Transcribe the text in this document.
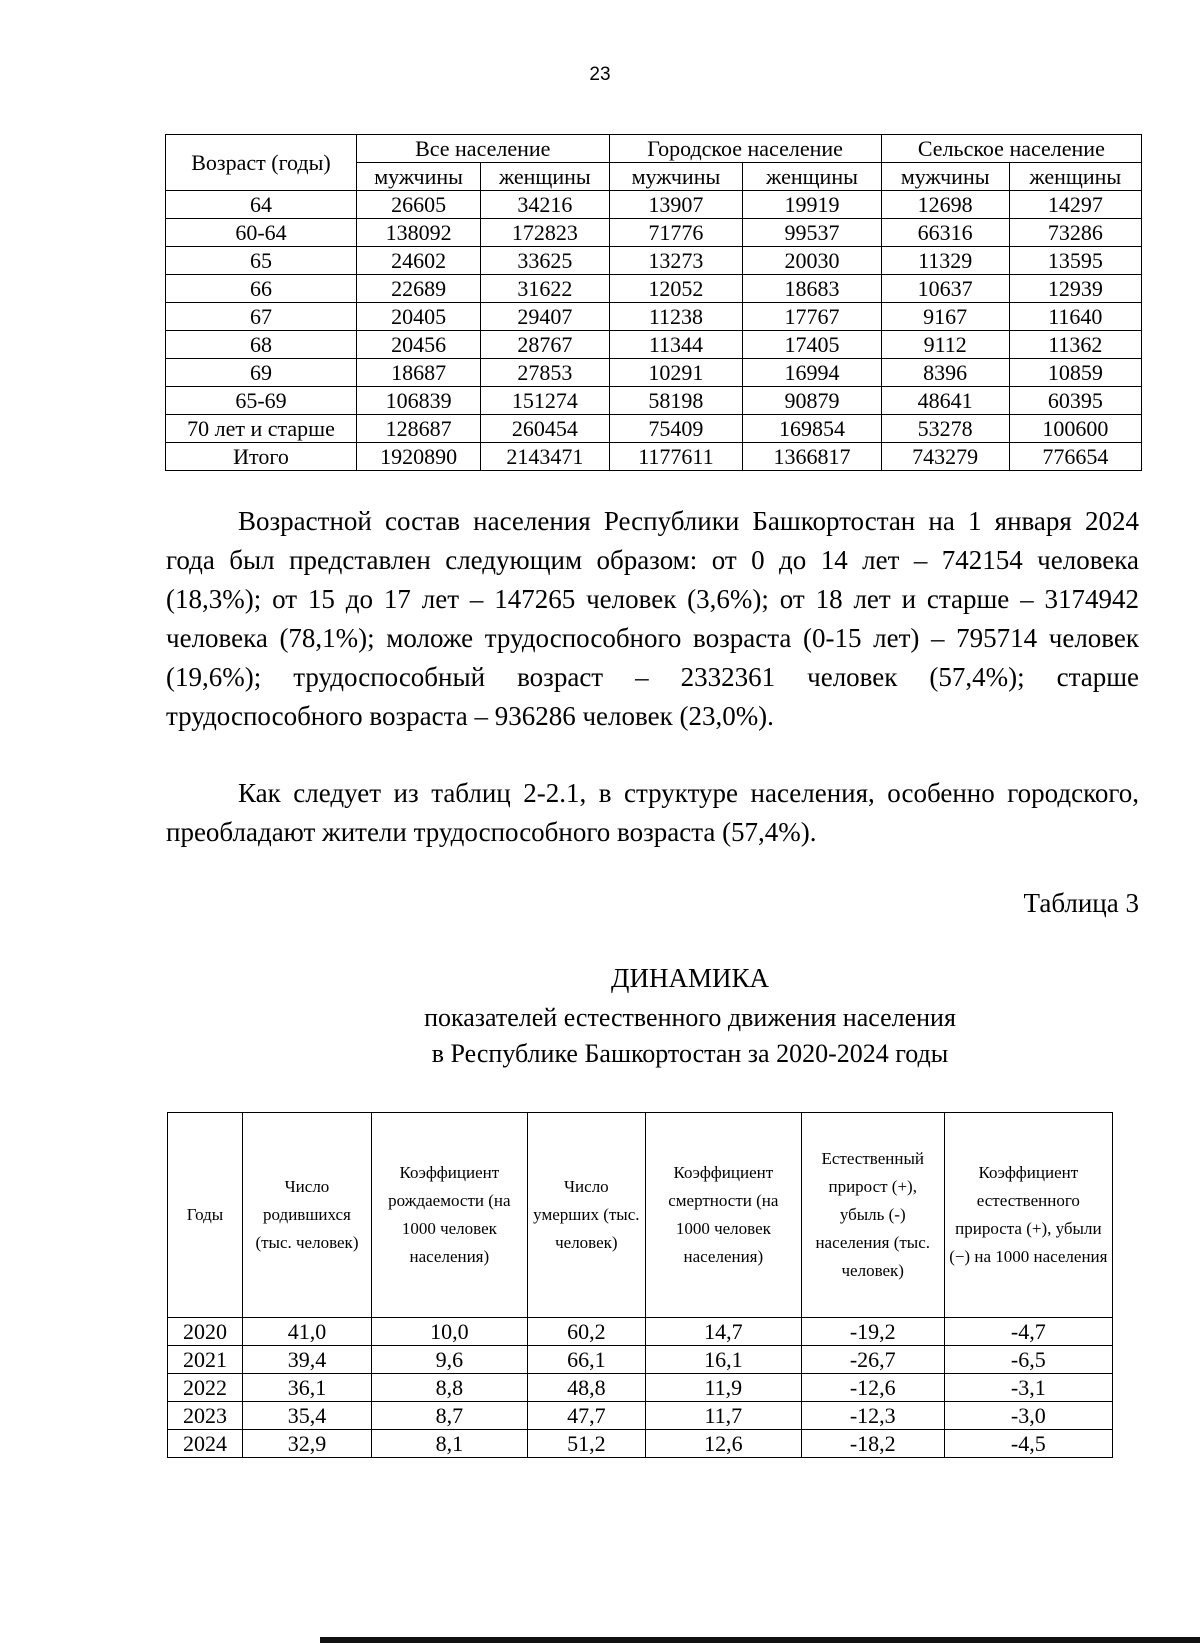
23
Возраст (годы)	Все население		Городское население		Сельское население	
	мужчины	женщины	мужчины	женщины	мужчины	женщины
64	26605	34216	13907	19919	12698	14297
60-64	138092	172823	71776	99537	66316	73286
65	24602	33625	13273	20030	11329	13595
66	22689	31622	12052	18683	10637	12939
67	20405	29407	11238	17767	9167	11640
68	20456	28767	11344	17405	9112	11362
69	18687	27853	10291	16994	8396	10859
65-69	106839	151274	58198	90879	48641	60395
70 лет и старше	128687	260454	75409	169854	53278	100600
Итого	1920890	2143471	1177611	1366817	743279	776654

Возрастной состав населения Республики Башкортостан на 1 января 2024 года был представлен следующим образом: от 0 до 14 лет – 742154 человека (18,3%); от 15 до 17 лет – 147265 человек (3,6%); от 18 лет и старше – 3174942 человека (78,1%); моложе трудоспособного возраста (0-15 лет) – 795714 человек (19,6%); трудоспособный возраст – 2332361 человек (57,4%); старше трудоспособного возраста – 936286 человек (23,0%).

Как следует из таблиц 2-2.1, в структуре населения, особенно городского, преобладают жители трудоспособного возраста (57,4%).

Таблица 3
ДИНАМИКА
показателей естественного движения населения
в Республике Башкортостан за 2020-2024 годы
Годы	Число родившихся (тыс. человек)	Коэффициент рождаемости (на 1000 человек населения)	Число умерших (тыс. человек)	Коэффициент смертности (на 1000 человек населения)	Естественный прирост (+), убыль (-) населения (тыс. человек)	Коэффициент естественного прироста (+), убыли (−) на 1000 населения
2020	41,0	10,0	60,2	14,7	-19,2	-4,7
2021	39,4	9,6	66,1	16,1	-26,7	-6,5
2022	36,1	8,8	48,8	11,9	-12,6	-3,1
2023	35,4	8,7	47,7	11,7	-12,3	-3,0
2024	32,9	8,1	51,2	12,6	-18,2	-4,5
